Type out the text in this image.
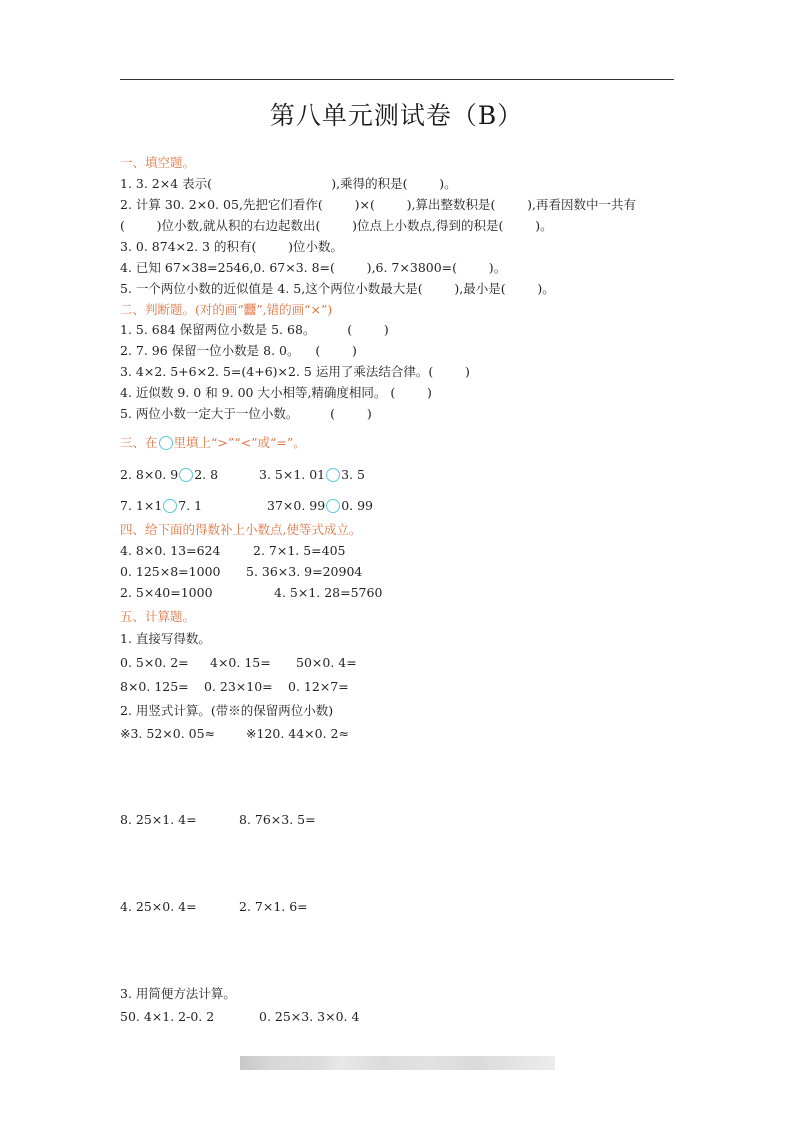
第八单元测试卷（B）
一、填空题。
1. 3. 2×4 表示(                              ),乘得的积是(        )。
2. 计算 30. 2×0. 05,先把它们看作(        )×(        ),算出整数积是(        ),再看因数中一共有
(        )位小数,就从积的右边起数出(        )位点上小数点,得到的积是(        )。
3. 0. 874×2. 3 的积有(        )位小数。
4. 已知 67×38=2546,0. 67×3. 8=(        ),6. 7×3800=(        )。
5. 一个两位小数的近似值是 4. 5,这个两位小数最大是(        ),最小是(        )。
二、判断题。(对的画“䨻”,错的画“×”)
1. 5. 684 保留两位小数是 5. 68。        (        )
2. 7. 96 保留一位小数是 8. 0。    (        )
3. 4×2. 5+6×2. 5=(4+6)×2. 5 运用了乘法结合律。(        )
4. 近似数 9. 0 和 9. 00 大小相等,精确度相同。 (        )
5. 两位小数一定大于一位小数。        (        )
三、在 里填上“>”“<”或“=”。
2. 8×0. 9 2. 8	3. 5×1. 01 3. 5
7. 1×1 7. 1	37×0. 99 0. 99
四、给下面的得数补上小数点,使等式成立。
4. 8×0. 13=624	2. 7×1. 5=405
0. 125×8=1000 5. 36×3. 9=20904
2. 5×40=1000	4. 5×1. 28=5760
五、计算题。
1. 直接写得数。
0. 5×0. 2= 4×0. 15= 50×0. 4=
8×0. 125= 0. 23×10= 0. 12×7=
2. 用竖式计算。(带※的保留两位小数)
※3. 52×0. 05≈ ※120. 44×0. 2≈
8. 25×1. 4=	8. 76×3. 5=
4. 25×0. 4=	2. 7×1. 6=
3. 用简便方法计算。
50. 4×1. 2-0. 2	0. 25×3. 3×0. 4
